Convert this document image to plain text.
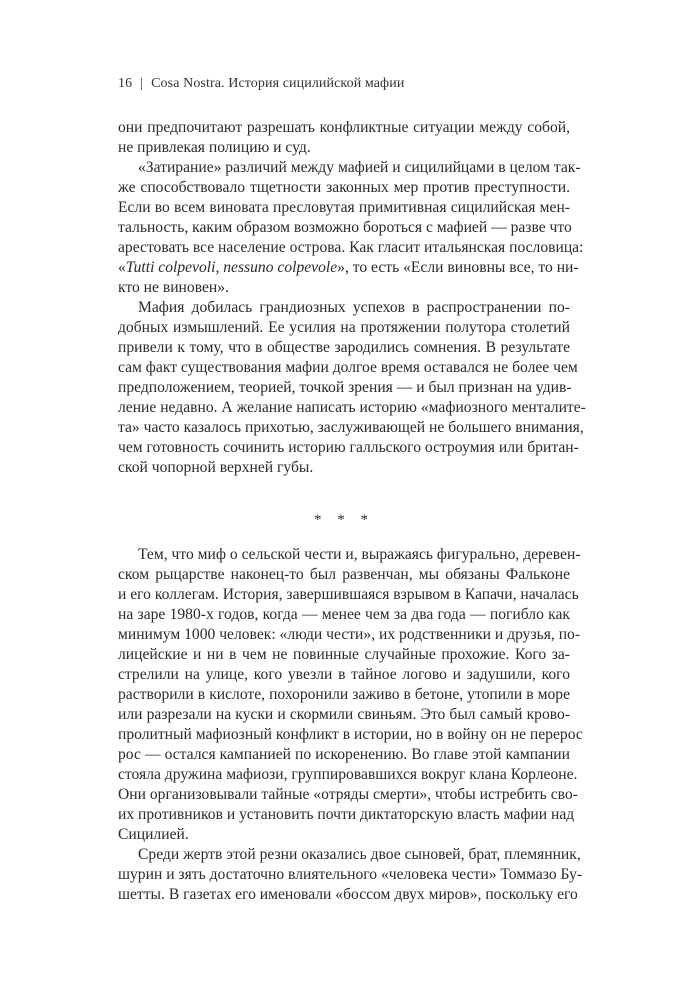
16 | Cosa Nostra. История сицилийской мафии
они предпочитают разрешать конфликтные ситуации между собой,
не привлекая полицию и суд.
«Затирание» различий между мафией и сицилийцами в целом так-
же способствовало тщетности законных мер против преступности.
Если во всем виновата пресловутая примитивная сицилийская мен-
тальность, каким образом возможно бороться с мафией — разве что
арестовать все население острова. Как гласит итальянская пословица:
«Tutti colpevoli, nessuno colpevole», то есть «Если виновны все, то ни-
кто не виновен».
Мафия добилась грандиозных успехов в распространении по-
добных измышлений. Ее усилия на протяжении полутора столетий
привели к тому, что в обществе зародились сомнения. В результате
сам факт существования мафии долгое время оставался не более чем
предположением, теорией, точкой зрения — и был признан на удив-
ление недавно. А желание написать историю «мафиозного менталите-
та» часто казалось прихотью, заслуживающей не большего внимания,
чем готовность сочинить историю галльского остроумия или британ-
ской чопорной верхней губы.
* * *
Тем, что миф о сельской чести и, выражаясь фигурально, деревен-
ском рыцарстве наконец-то был развенчан, мы обязаны Фальконе
и его коллегам. История, завершившаяся взрывом в Капачи, началась
на заре 1980-х годов, когда — менее чем за два года — погибло как
минимум 1000 человек: «люди чести», их родственники и друзья, по-
лицейские и ни в чем не повинные случайные прохожие. Кого за-
стрелили на улице, кого увезли в тайное логово и задушили, кого
растворили в кислоте, похоронили заживо в бетоне, утопили в море
или разрезали на куски и скормили свиньям. Это был самый крово-
пролитный мафиозный конфликт в истории, но в войну он не перерос
рос — остался кампанией по искоренению. Во главе этой кампании
стояла дружина мафиози, группировавшихся вокруг клана Корлеоне.
Они организовывали тайные «отряды смерти», чтобы истребить сво-
их противников и установить почти диктаторскую власть мафии над
Сицилией.
Среди жертв этой резни оказались двое сыновей, брат, племянник,
шурин и зять достаточно влиятельного «человека чести» Томмазо Бу-
шетты. В газетах его именовали «боссом двух миров», поскольку его
